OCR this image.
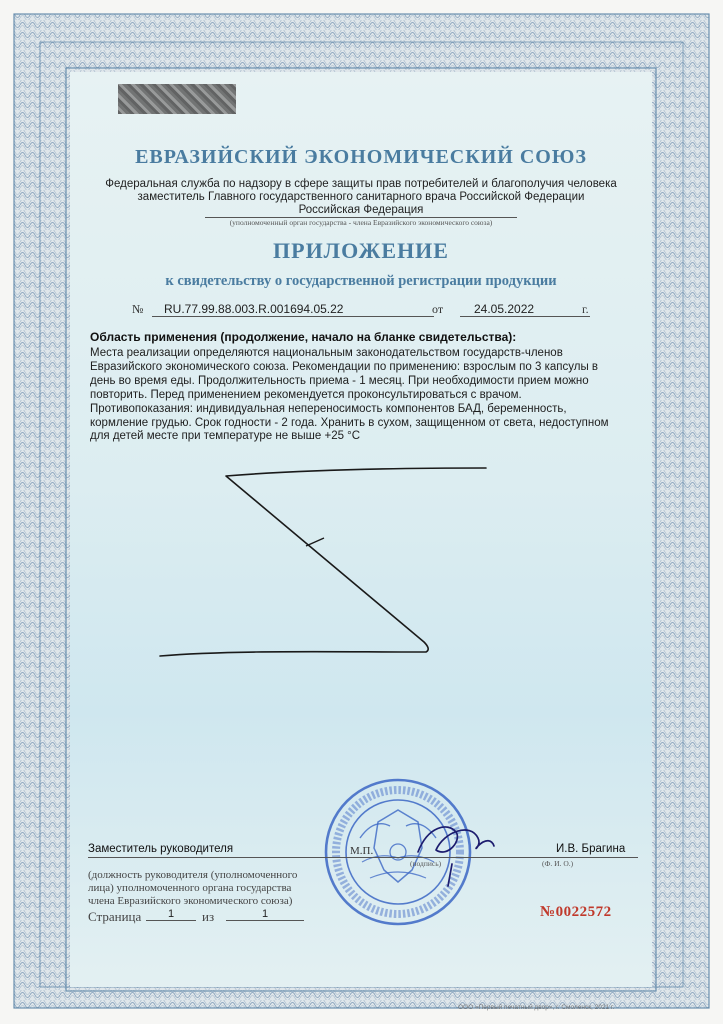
ЕВРАЗИЙСКИЙ ЭКОНОМИЧЕСКИЙ СОЮЗ
Федеральная служба по надзору в сфере защиты прав потребителей и благополучия человека
заместитель Главного государственного санитарного врача Российской Федерации
Российская Федерация
(уполномоченный орган государства - члена Евразийского экономического союза)
ПРИЛОЖЕНИЕ
к свидетельству о государственной регистрации продукции
№	RU.77.99.88.003.R.001694.05.22	от	24.05.2022	г.
Область применения (продолжение, начало на бланке свидетельства):
Места реализации определяются национальным законодательством государств-членов
Евразийского экономического союза. Рекомендации по применению: взрослым по 3 капсулы в
день во время еды. Продолжительность приема - 1 месяц. При необходимости прием можно
повторить. Перед применением рекомендуется проконсультироваться с врачом.
Противопоказания: индивидуальная непереносимость компонентов БАД, беременность,
кормление грудью. Срок годности - 2 года. Хранить в сухом, защищенном от света, недоступном
для детей месте при температуре не выше +25 °С
Заместитель руководителя	И.В. Брагина
М.П.
(подпись)	(Ф. И. О.)
(должность руководителя (уполномоченного
лица) уполномоченного органа государства
члена Евразийского экономического союза)
Страница	1	из	1	№0022572
ООО «Первый печатный двор», г. Смоленск, 2021 г.
